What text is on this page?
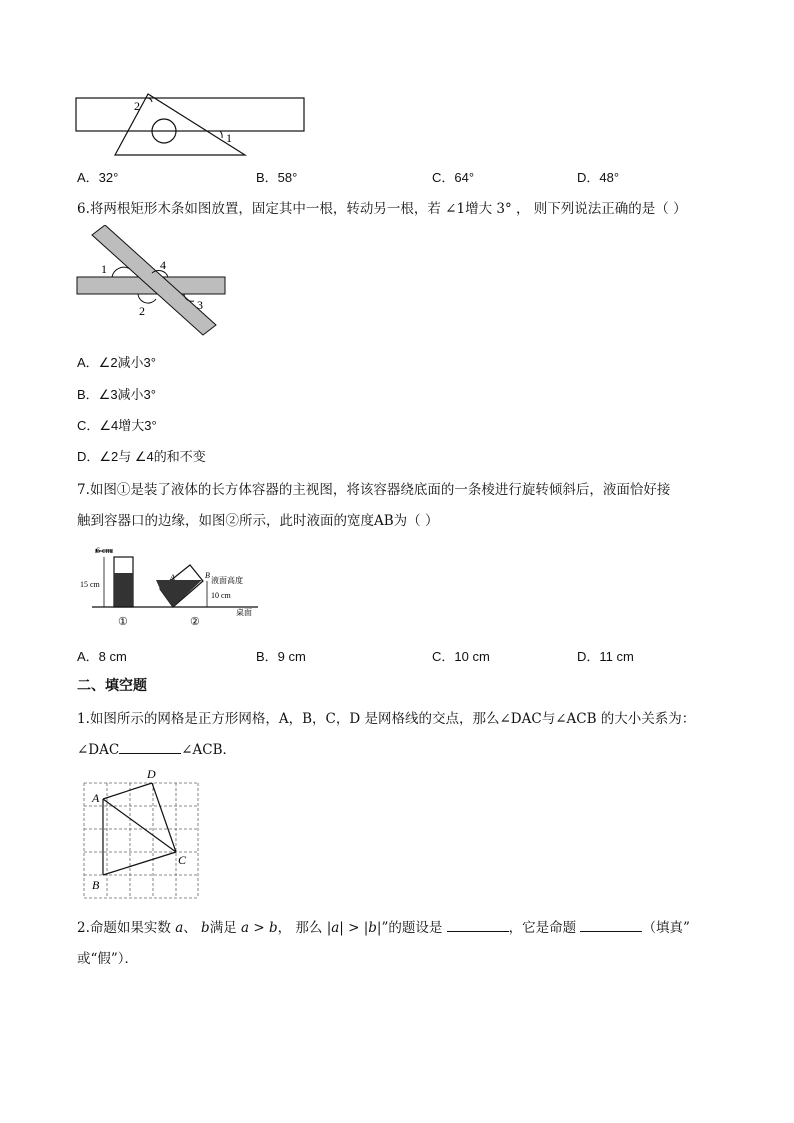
2
1
A．32°	B．58°	C．64°	D．48°
6.将两根矩形木条如图放置，固定其中一根，转动另一根，若 ∠1增大 3° ， 则下列说法正确的是（ ）
1	4
2	3
A．∠2减小3°
B．∠3减小3°
C．∠4增大3°
D．∠2与 ∠4的和不变
7.如图①是装了液体的长方体容器的主视图，将该容器绕底面的一条棱进行旋转倾斜后，液面恰好接
触到容器口的边缘，如图②所示，此时液面的宽度AB为（ ）
6 cm
15 cm
①
桌面
A	B
液面高度
10 cm
②
A．8 cm	B．9 cm	C．10 cm	D．11 cm
二、填空题
1.如图所示的网格是正方形网格，A，B，C，D 是网格线的交点，那么∠DAC与∠ACB 的大小关系为：
∠DAC	∠ACB．
D
A
C
B
2.命题如果实数 a、 b满足 a > b， 那么 |a| > |b|”的题设是	，它是命题	（填真”
或“假”）．
